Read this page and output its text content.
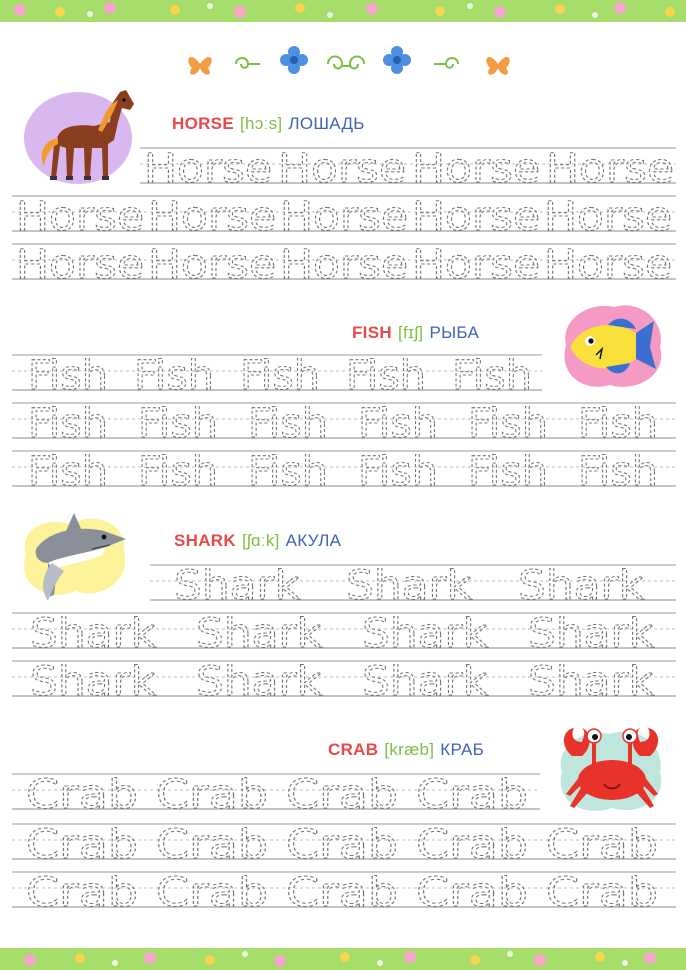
HORSE [hɔːs] ЛОШАДЬ
Horse Horse Horse Horse
Horse Horse Horse Horse Horse
Horse Horse Horse Horse Horse
FISH [fɪʃ] РЫБА
Fish Fish Fish Fish Fish
Fish Fish Fish Fish Fish Fish
Fish Fish Fish Fish Fish Fish
SHARK [ʃɑːk] АКУЛА
Shark Shark Shark
Shark Shark Shark Shark
Shark Shark Shark Shark
CRAB [kræb] КРАБ
Crab Crab Crab Crab
Crab Crab Crab Crab Crab
Crab Crab Crab Crab Crab
